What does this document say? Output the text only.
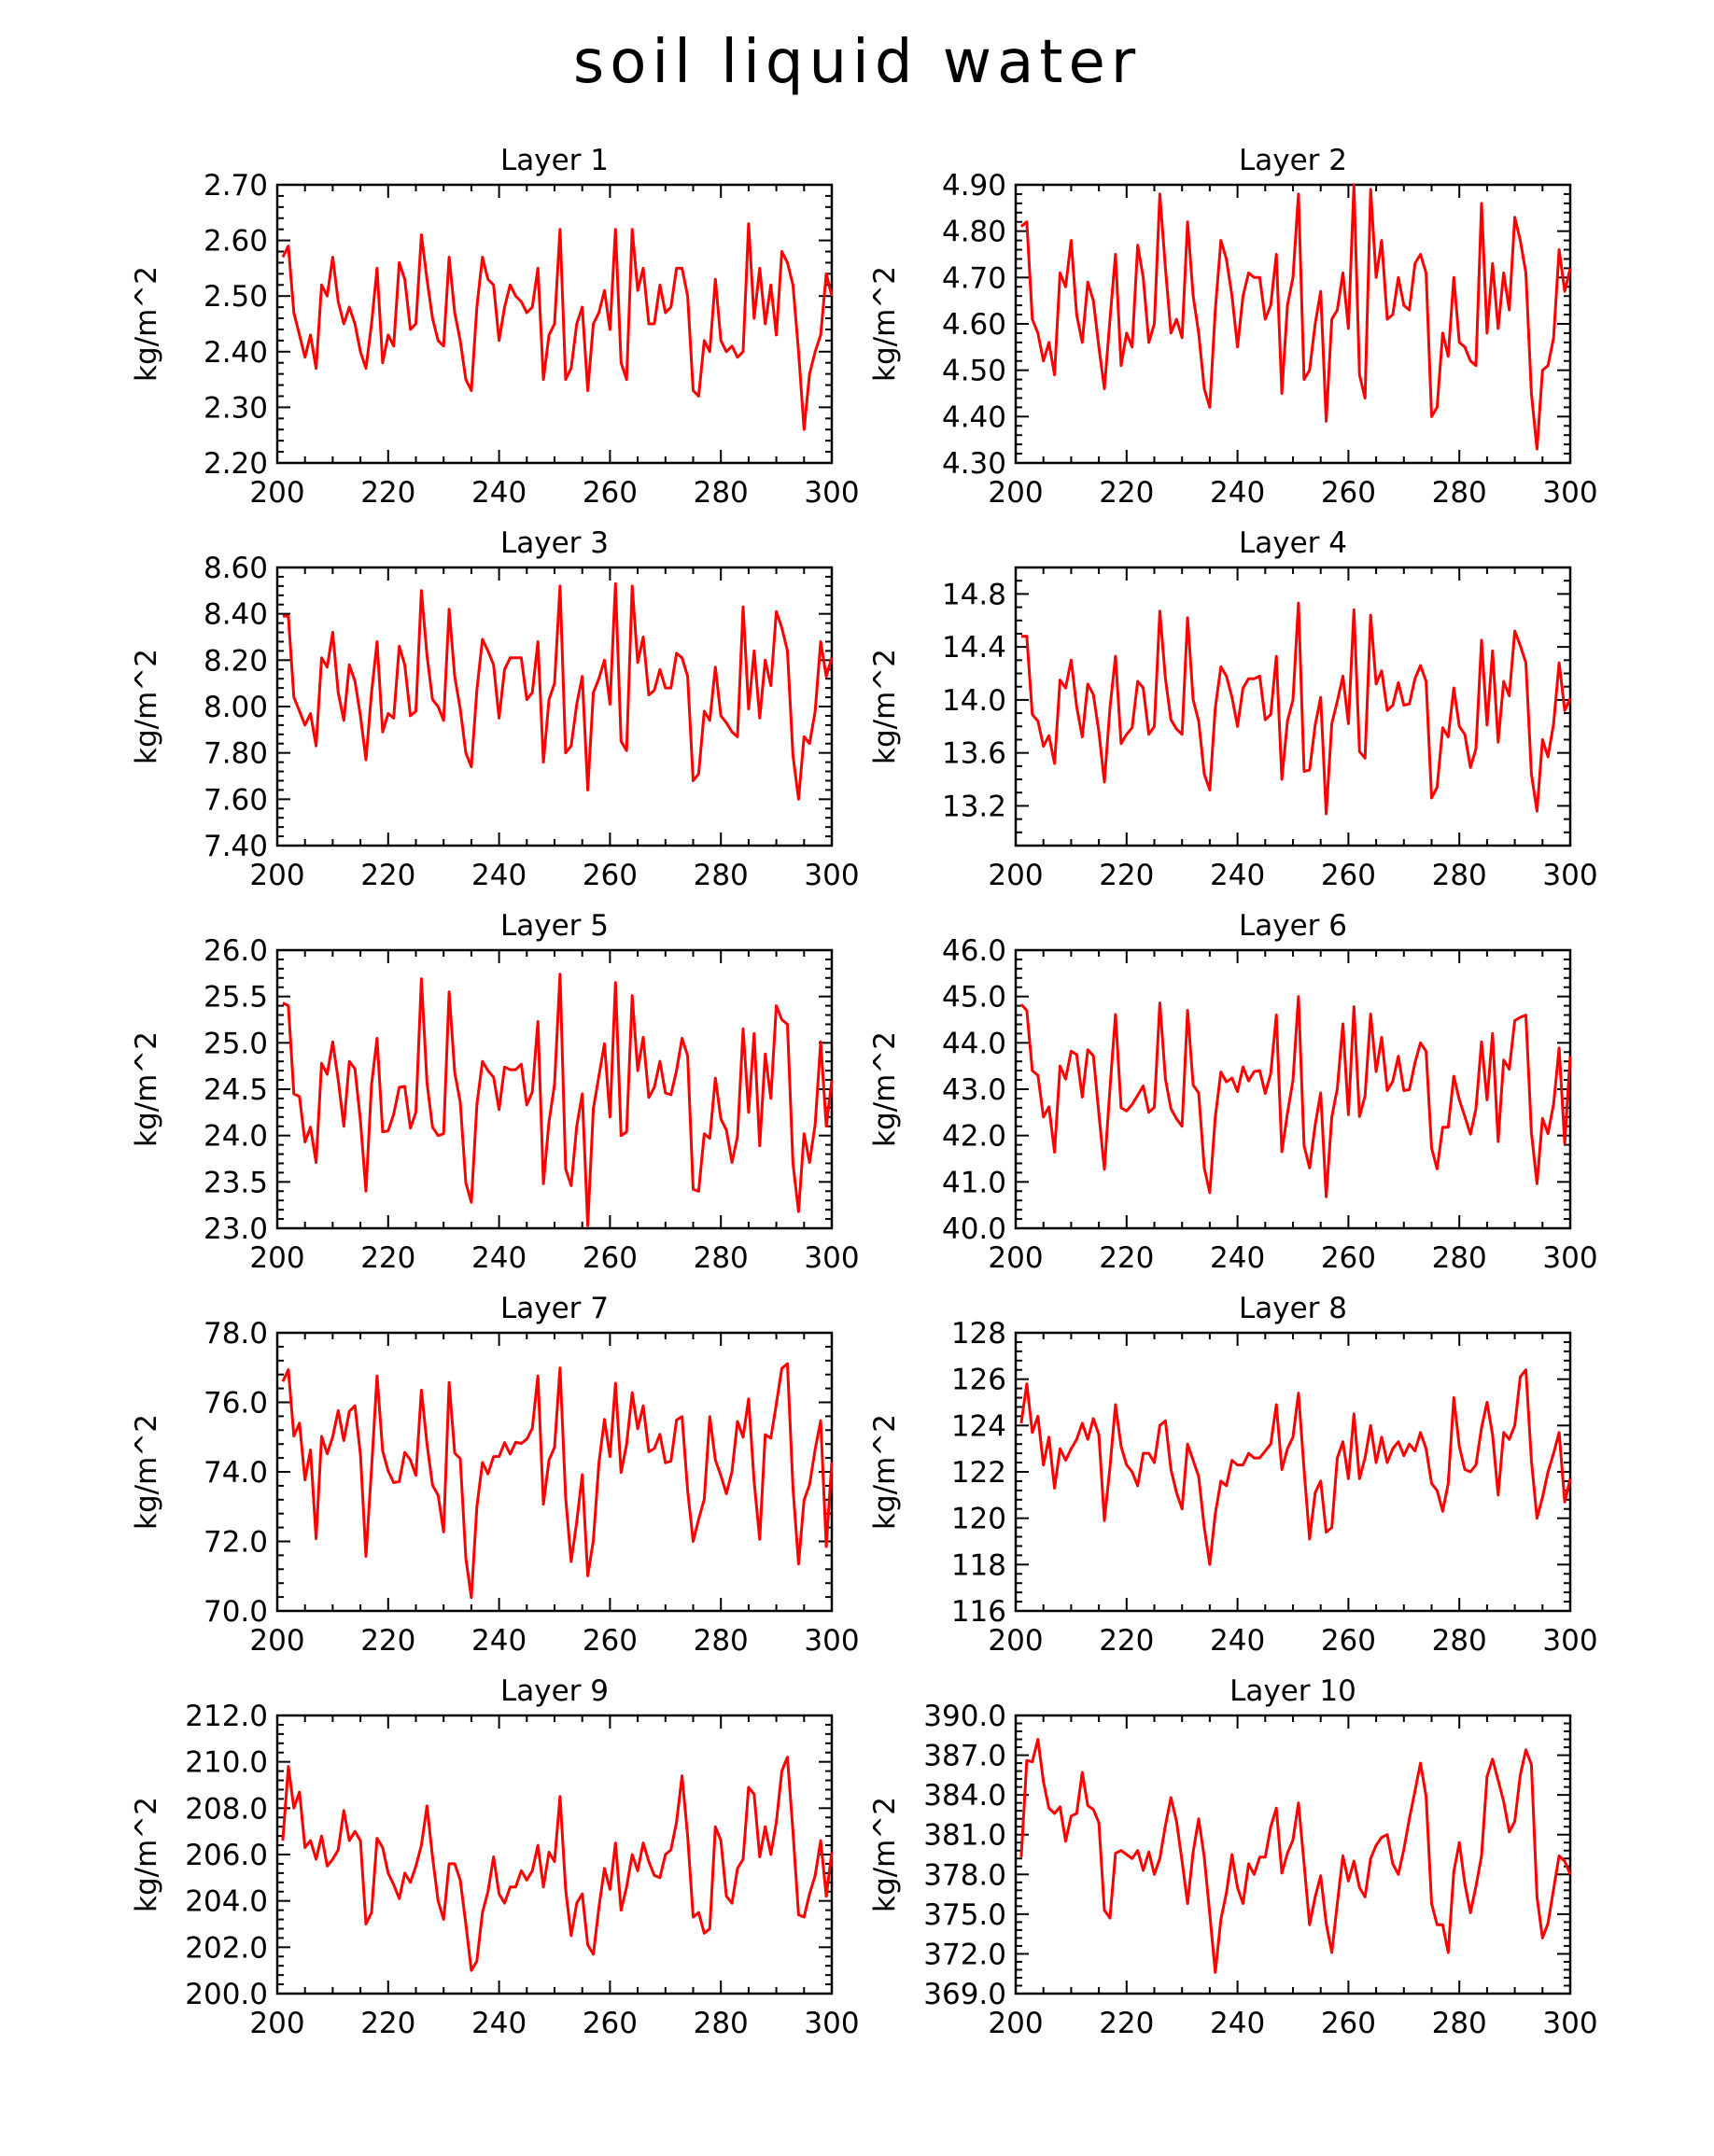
soil liquid water
Layer 1
200 220 240 260 280 300
2.20
2.30
2.40
2.50
2.60
2.70
kg/m^2
Layer 2
200 220 240 260 280 300
4.30
4.40
4.50
4.60
4.70
4.80
4.90
kg/m^2
Layer 3
200 220 240 260 280 300
7.40
7.60
7.80
8.00
8.20
8.40
8.60
kg/m^2
Layer 4
200 220 240 260 280 300
13.2
13.6
14.0
14.4
14.8
kg/m^2
Layer 5
200 220 240 260 280 300
23.0
23.5
24.0
24.5
25.0
25.5
26.0
kg/m^2
Layer 6
200 220 240 260 280 300
40.0
41.0
42.0
43.0
44.0
45.0
46.0
kg/m^2
Layer 7
200 220 240 260 280 300
70.0
72.0
74.0
76.0
78.0
kg/m^2
Layer 8
200 220 240 260 280 300
116
118
120
122
124
126
128
kg/m^2
Layer 9
200 220 240 260 280 300
200.0
202.0
204.0
206.0
208.0
210.0
212.0
kg/m^2
Layer 10
200 220 240 260 280 300
369.0
372.0
375.0
378.0
381.0
384.0
387.0
390.0
kg/m^2
